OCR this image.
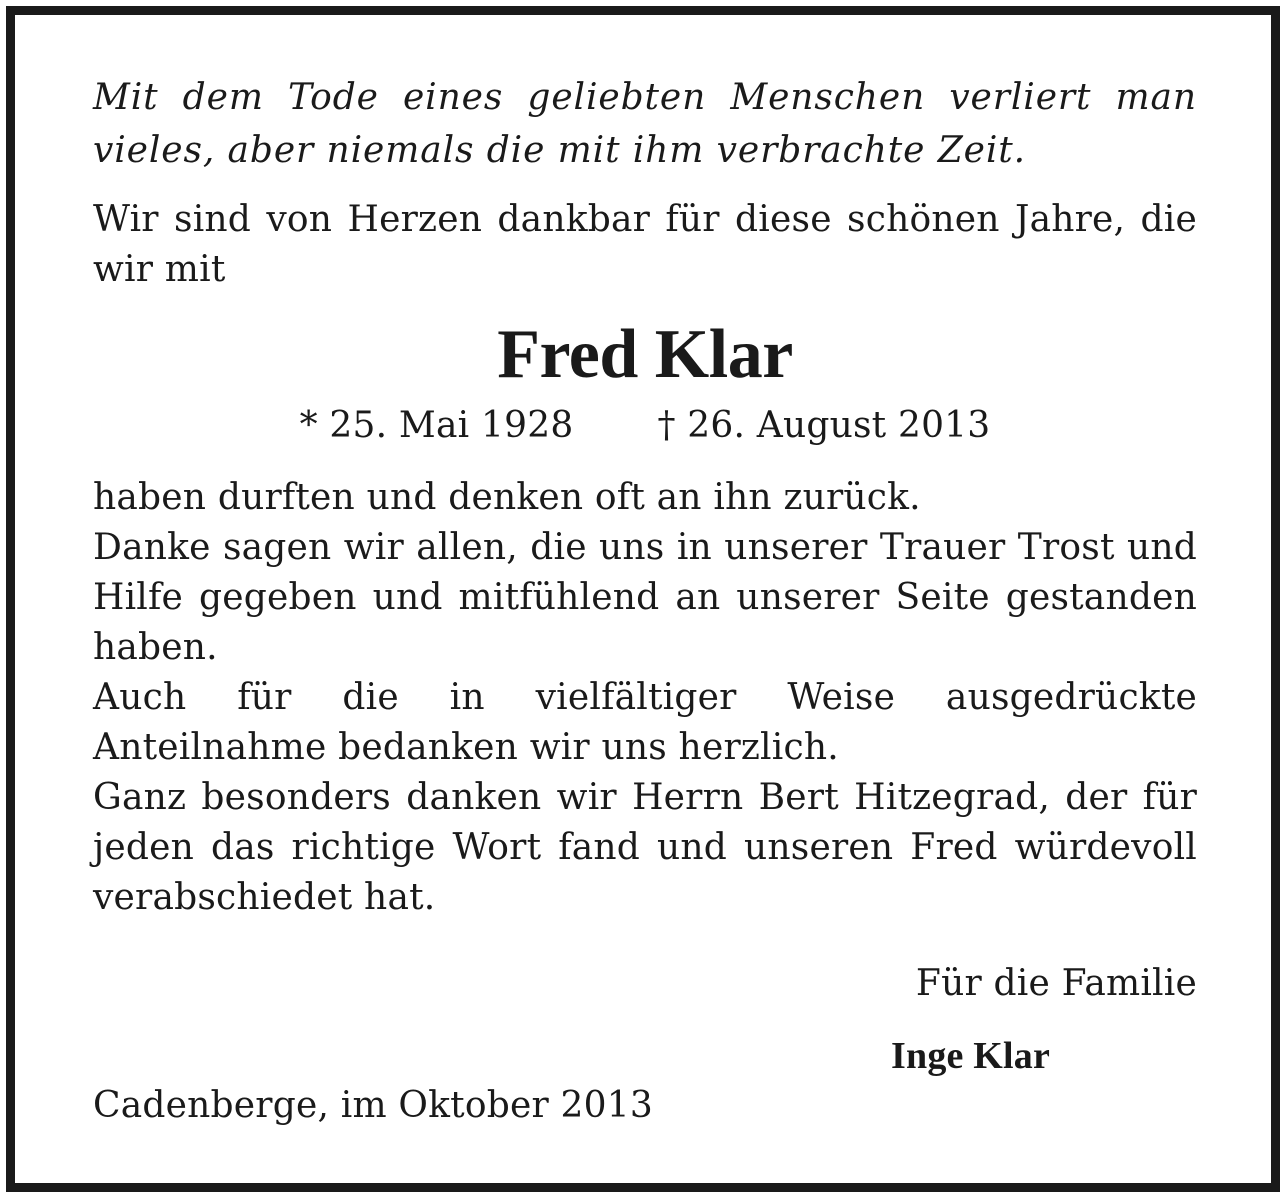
Mit dem Tode eines geliebten Menschen verliert man vieles, aber niemals die mit ihm verbrachte Zeit.

Wir sind von Herzen dankbar für diese schönen Jahre, die wir mit

Fred Klar
* 25. Mai 1928 † 26. August 2013

haben durften und denken oft an ihn zurück.

Danke sagen wir allen, die uns in unserer Trauer Trost und Hilfe gegeben und mitfühlend an unserer Seite gestanden haben.

Auch für die in vielfältiger Weise ausgedrückte Anteilnahme bedanken wir uns herzlich.

Ganz besonders danken wir Herrn Bert Hitzegrad, der für jeden das richtige Wort fand und unseren Fred würdevoll verabschiedet hat.

Für die Familie

Inge Klar

Cadenberge, im Oktober 2013
